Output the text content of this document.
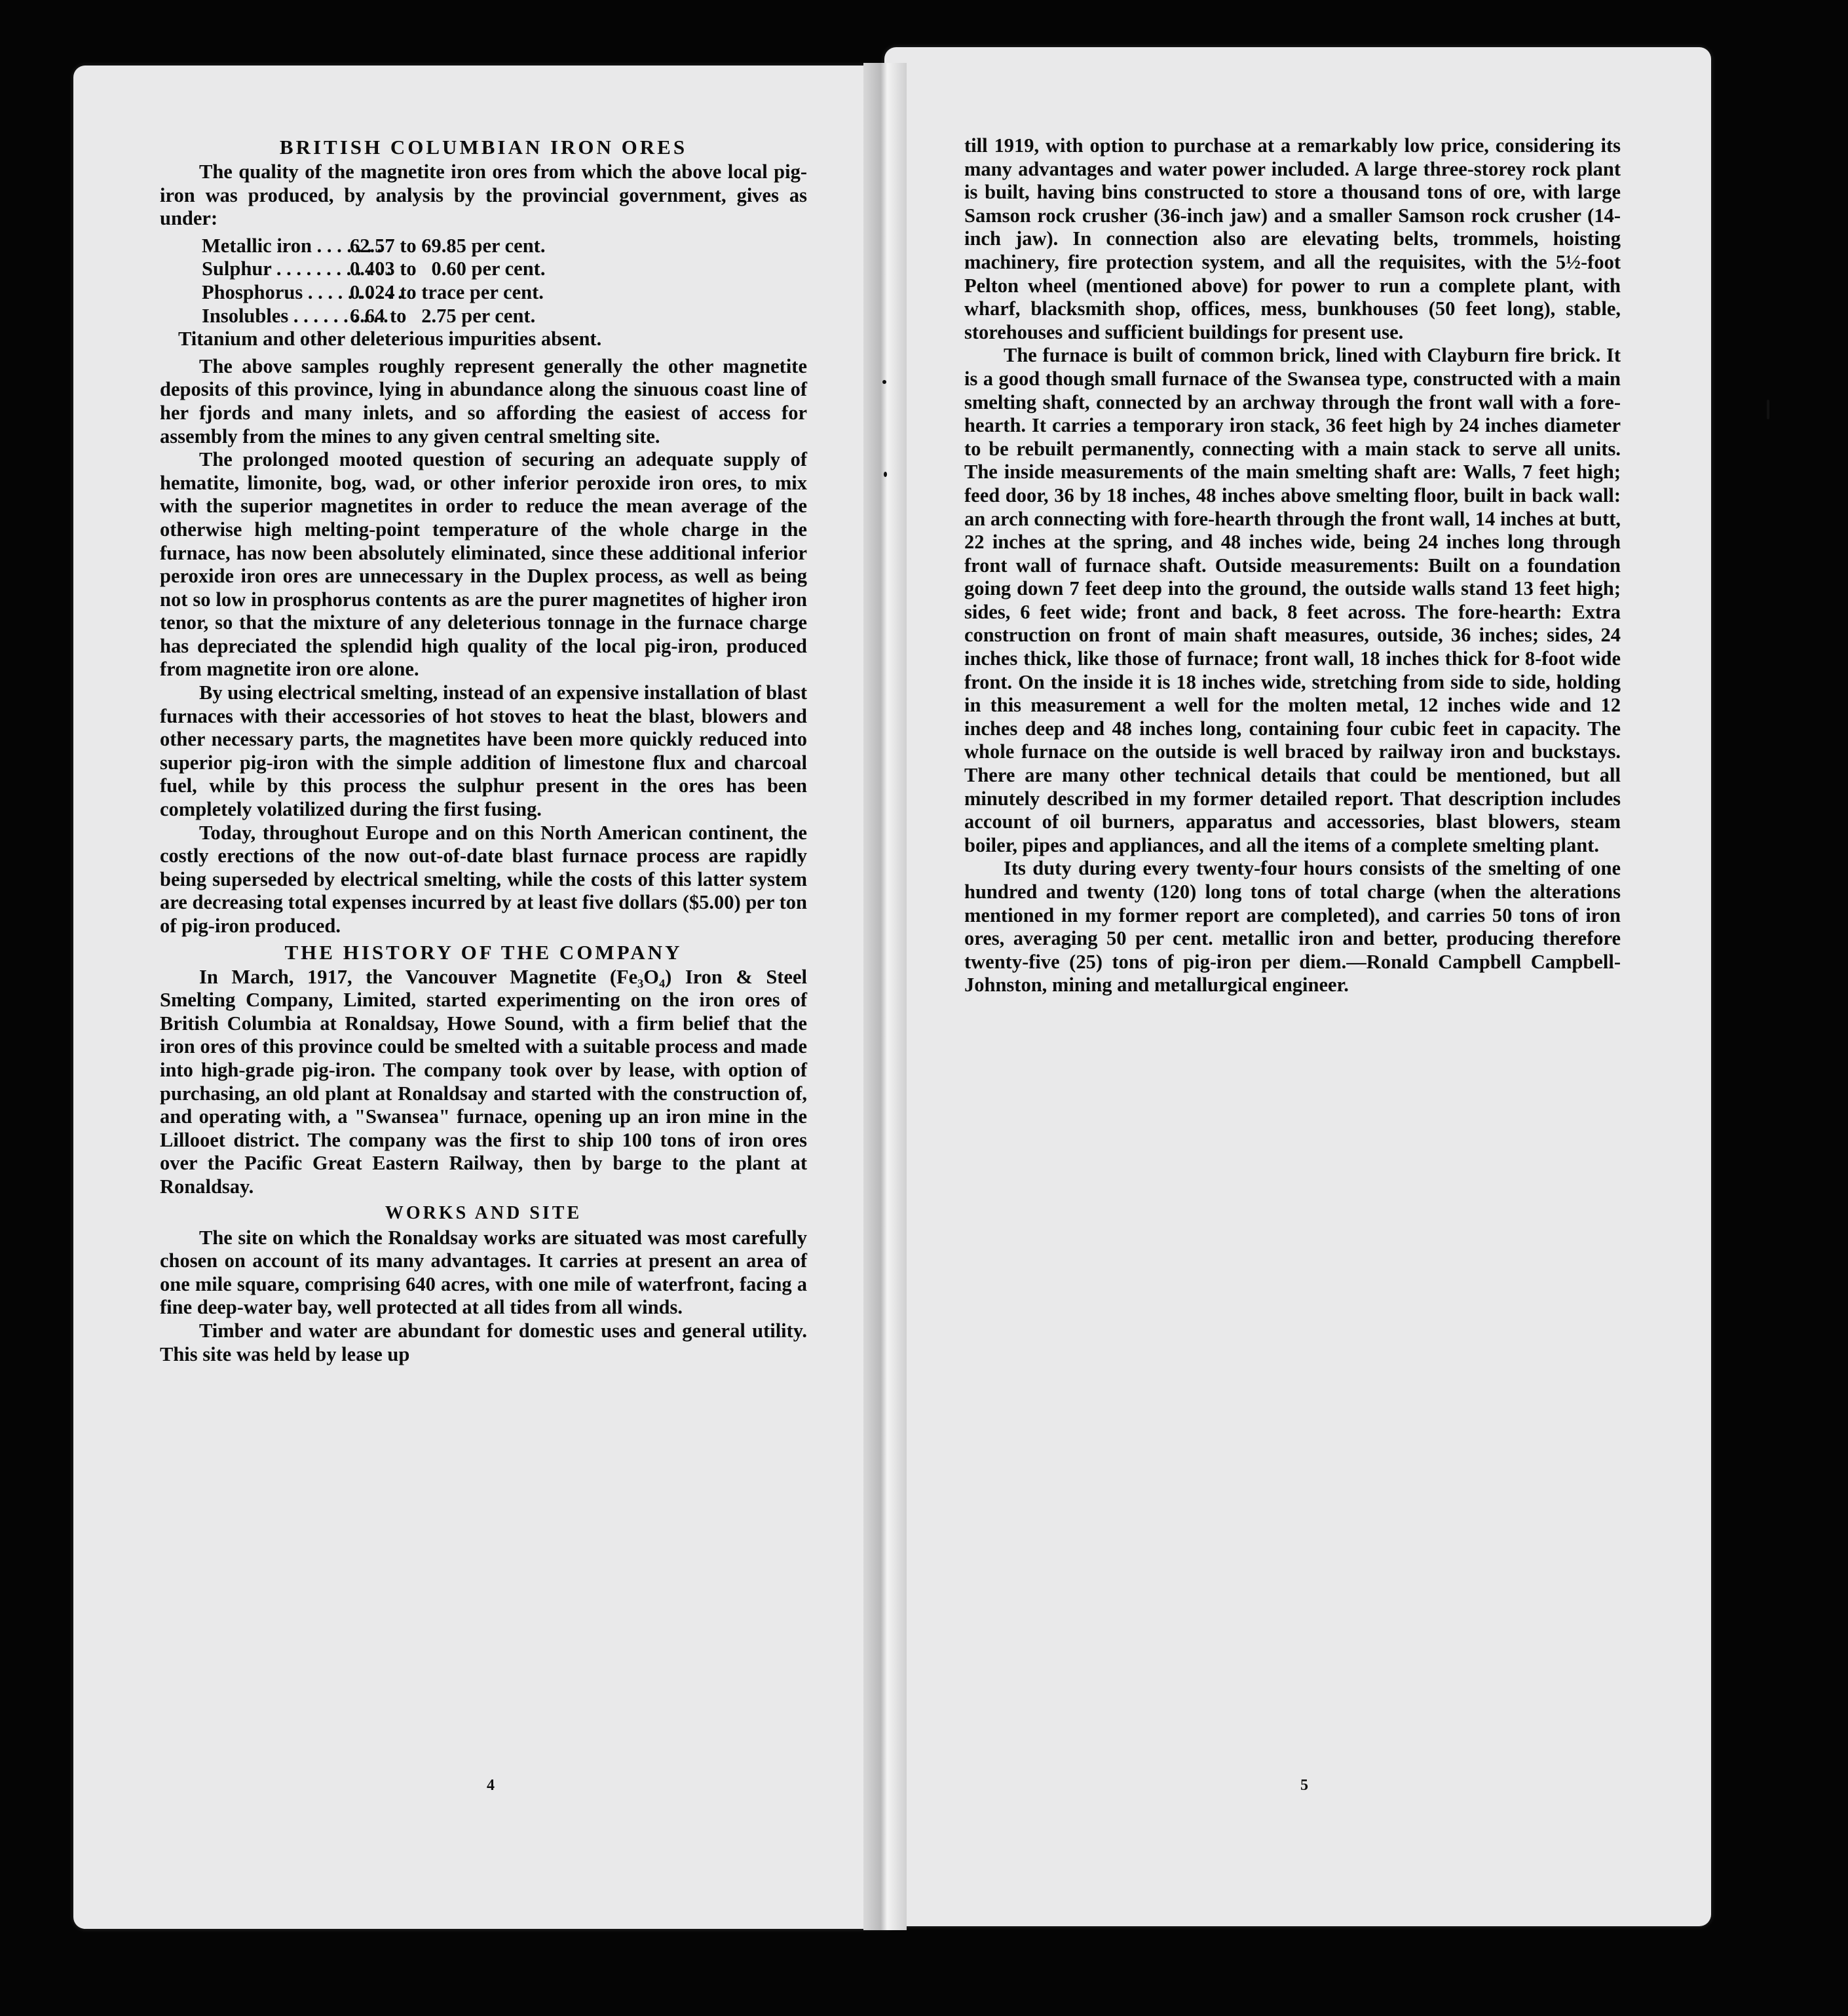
BRITISH COLUMBIAN IRON ORES

The quality of the magnetite iron ores from which the above local pig-iron was produced, by analysis by the provincial government, gives as under:

Metallic iron . . . . . . .
62.57 to 69.85 per cent.
Sulphur . . . . . . . . . . . .
0.403 to   0.60 per cent.
Phosphorus . . . . . . . . . .
0.024 to trace per cent.
Insolubles . . . . . . . . . .
6.64 to   2.75 per cent.

Titanium and other deleterious impurities absent.

The above samples roughly represent generally the other magnetite deposits of this province, lying in abundance along the sinuous coast line of her fjords and many inlets, and so affording the easiest of access for assembly from the mines to any given central smelting site.

The prolonged mooted question of securing an adequate supply of hematite, limonite, bog, wad, or other inferior peroxide iron ores, to mix with the superior magnetites in order to reduce the mean average of the otherwise high melting-point temperature of the whole charge in the furnace, has now been absolutely eliminated, since these additional inferior peroxide iron ores are unnecessary in the Duplex process, as well as being not so low in prosphorus contents as are the purer magnetites of higher iron tenor, so that the mixture of any deleterious tonnage in the furnace charge has depreciated the splendid high quality of the local pig-iron, produced from magnetite iron ore alone.

By using electrical smelting, instead of an expensive installation of blast furnaces with their accessories of hot stoves to heat the blast, blowers and other necessary parts, the magnetites have been more quickly reduced into superior pig-iron with the simple addition of limestone flux and charcoal fuel, while by this process the sulphur present in the ores has been completely volatilized during the first fusing.

Today, throughout Europe and on this North American continent, the costly erections of the now out-of-date blast furnace process are rapidly being superseded by electrical smelting, while the costs of this latter system are decreasing total expenses incurred by at least five dollars ($5.00) per ton of pig-iron produced.

THE HISTORY OF THE COMPANY

In March, 1917, the Vancouver Magnetite (Fe₃O₄) Iron & Steel Smelting Company, Limited, started experimenting on the iron ores of British Columbia at Ronaldsay, Howe Sound, with a firm belief that the iron ores of this province could be smelted with a suitable process and made into high-grade pig-iron. The company took over by lease, with option of purchasing, an old plant at Ronaldsay and started with the construction of, and operating with, a "Swansea" furnace, opening up an iron mine in the Lillooet district. The company was the first to ship 100 tons of iron ores over the Pacific Great Eastern Railway, then by barge to the plant at Ronaldsay.

WORKS AND SITE

The site on which the Ronaldsay works are situated was most carefully chosen on account of its many advantages. It carries at present an area of one mile square, comprising 640 acres, with one mile of waterfront, facing a fine deep-water bay, well protected at all tides from all winds.

Timber and water are abundant for domestic uses and general utility. This site was held by lease up

4

till 1919, with option to purchase at a remarkably low price, considering its many advantages and water power included. A large three-storey rock plant is built, having bins constructed to store a thousand tons of ore, with large Samson rock crusher (36-inch jaw) and a smaller Samson rock crusher (14-inch jaw). In connection also are elevating belts, trommels, hoisting machinery, fire protection system, and all the requisites, with the 5½-foot Pelton wheel (mentioned above) for power to run a complete plant, with wharf, blacksmith shop, offices, mess, bunkhouses (50 feet long), stable, storehouses and sufficient buildings for present use.

The furnace is built of common brick, lined with Clayburn fire brick. It is a good though small furnace of the Swansea type, constructed with a main smelting shaft, connected by an archway through the front wall with a fore-hearth. It carries a temporary iron stack, 36 feet high by 24 inches diameter to be rebuilt permanently, connecting with a main stack to serve all units. The inside measurements of the main smelting shaft are: Walls, 7 feet high; feed door, 36 by 18 inches, 48 inches above smelting floor, built in back wall: an arch connecting with fore-hearth through the front wall, 14 inches at butt, 22 inches at the spring, and 48 inches wide, being 24 inches long through front wall of furnace shaft. Outside measurements: Built on a foundation going down 7 feet deep into the ground, the outside walls stand 13 feet high; sides, 6 feet wide; front and back, 8 feet across. The fore-hearth: Extra construction on front of main shaft measures, outside, 36 inches; sides, 24 inches thick, like those of furnace; front wall, 18 inches thick for 8-foot wide front. On the inside it is 18 inches wide, stretching from side to side, holding in this measurement a well for the molten metal, 12 inches wide and 12 inches deep and 48 inches long, containing four cubic feet in capacity. The whole furnace on the outside is well braced by railway iron and buckstays. There are many other technical details that could be mentioned, but all minutely described in my former detailed report. That description includes account of oil burners, apparatus and accessories, blast blowers, steam boiler, pipes and appliances, and all the items of a complete smelting plant.

Its duty during every twenty-four hours consists of the smelting of one hundred and twenty (120) long tons of total charge (when the alterations mentioned in my former report are completed), and carries 50 tons of iron ores, averaging 50 per cent. metallic iron and better, producing therefore twenty-five (25) tons of pig-iron per diem.—Ronald Campbell Campbell-Johnston, mining and metallurgical engineer.

5
